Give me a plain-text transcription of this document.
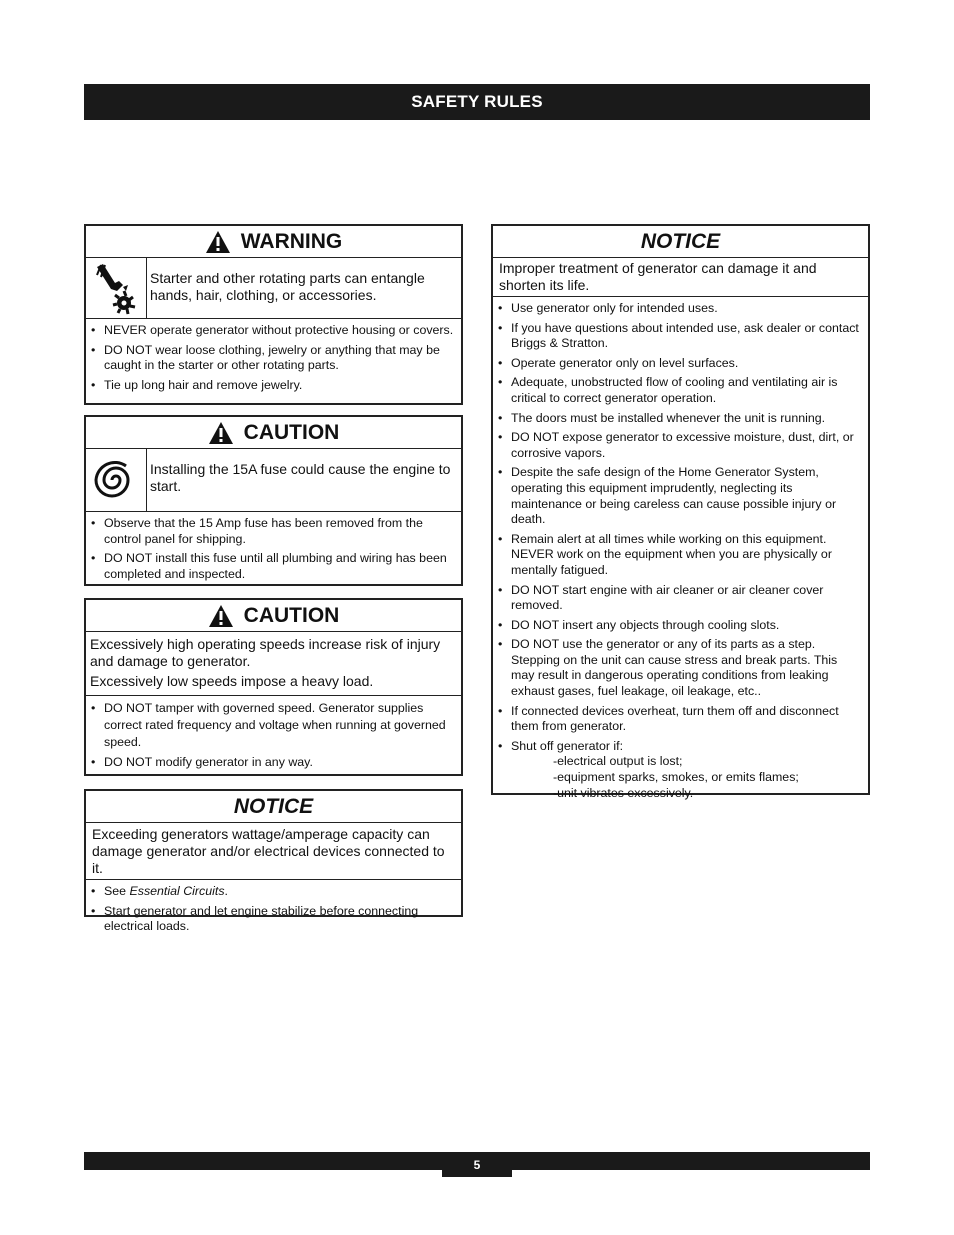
SAFETY RULES
WARNING
Starter and other rotating parts can entangle hands, hair, clothing, or accessories.
• NEVER operate generator without protective housing or covers.
• DO NOT wear loose clothing, jewelry or anything that may be caught in the starter or other rotating parts.
• Tie up long hair and remove jewelry.
CAUTION
Installing the 15A fuse could cause the engine to start.
• Observe that the 15 Amp fuse has been removed from the control panel for shipping.
• DO NOT install this fuse until all plumbing and wiring has been completed and inspected.
CAUTION

Excessively high operating speeds increase risk of injury and damage to generator.

Excessively low speeds impose a heavy load.

• DO NOT tamper with governed speed. Generator supplies correct rated frequency and voltage when running at governed speed.
• DO NOT modify generator in any way.
NOTICE
Exceeding generators wattage/amperage capacity can damage generator and/or electrical devices connected to it.
• See Essential Circuits.
• Start generator and let engine stabilize before connecting electrical loads.
NOTICE
Improper treatment of generator can damage it and shorten its life.
• Use generator only for intended uses.
• If you have questions about intended use, ask dealer or contact Briggs & Stratton.
• Operate generator only on level surfaces.
• Adequate, unobstructed flow of cooling and ventilating air is critical to correct generator operation.
• The doors must be installed whenever the unit is running.
• DO NOT expose generator to excessive moisture, dust, dirt, or corrosive vapors.
• Despite the safe design of the Home Generator System, operating this equipment imprudently, neglecting its maintenance or being careless can cause possible injury or death.
• Remain alert at all times while working on this equipment. NEVER work on the equipment when you are physically or mentally fatigued.
• DO NOT start engine with air cleaner or air cleaner cover removed.
• DO NOT insert any objects through cooling slots.
• DO NOT use the generator or any of its parts as a step. Stepping on the unit can cause stress and break parts. This may result in dangerous operating conditions from leaking exhaust gases, fuel leakage, oil leakage, etc..
• If connected devices overheat, turn them off and disconnect them from generator.
• Shut off generator if:
-electrical output is lost;
-equipment sparks, smokes, or emits flames;
-unit vibrates excessively.
5
